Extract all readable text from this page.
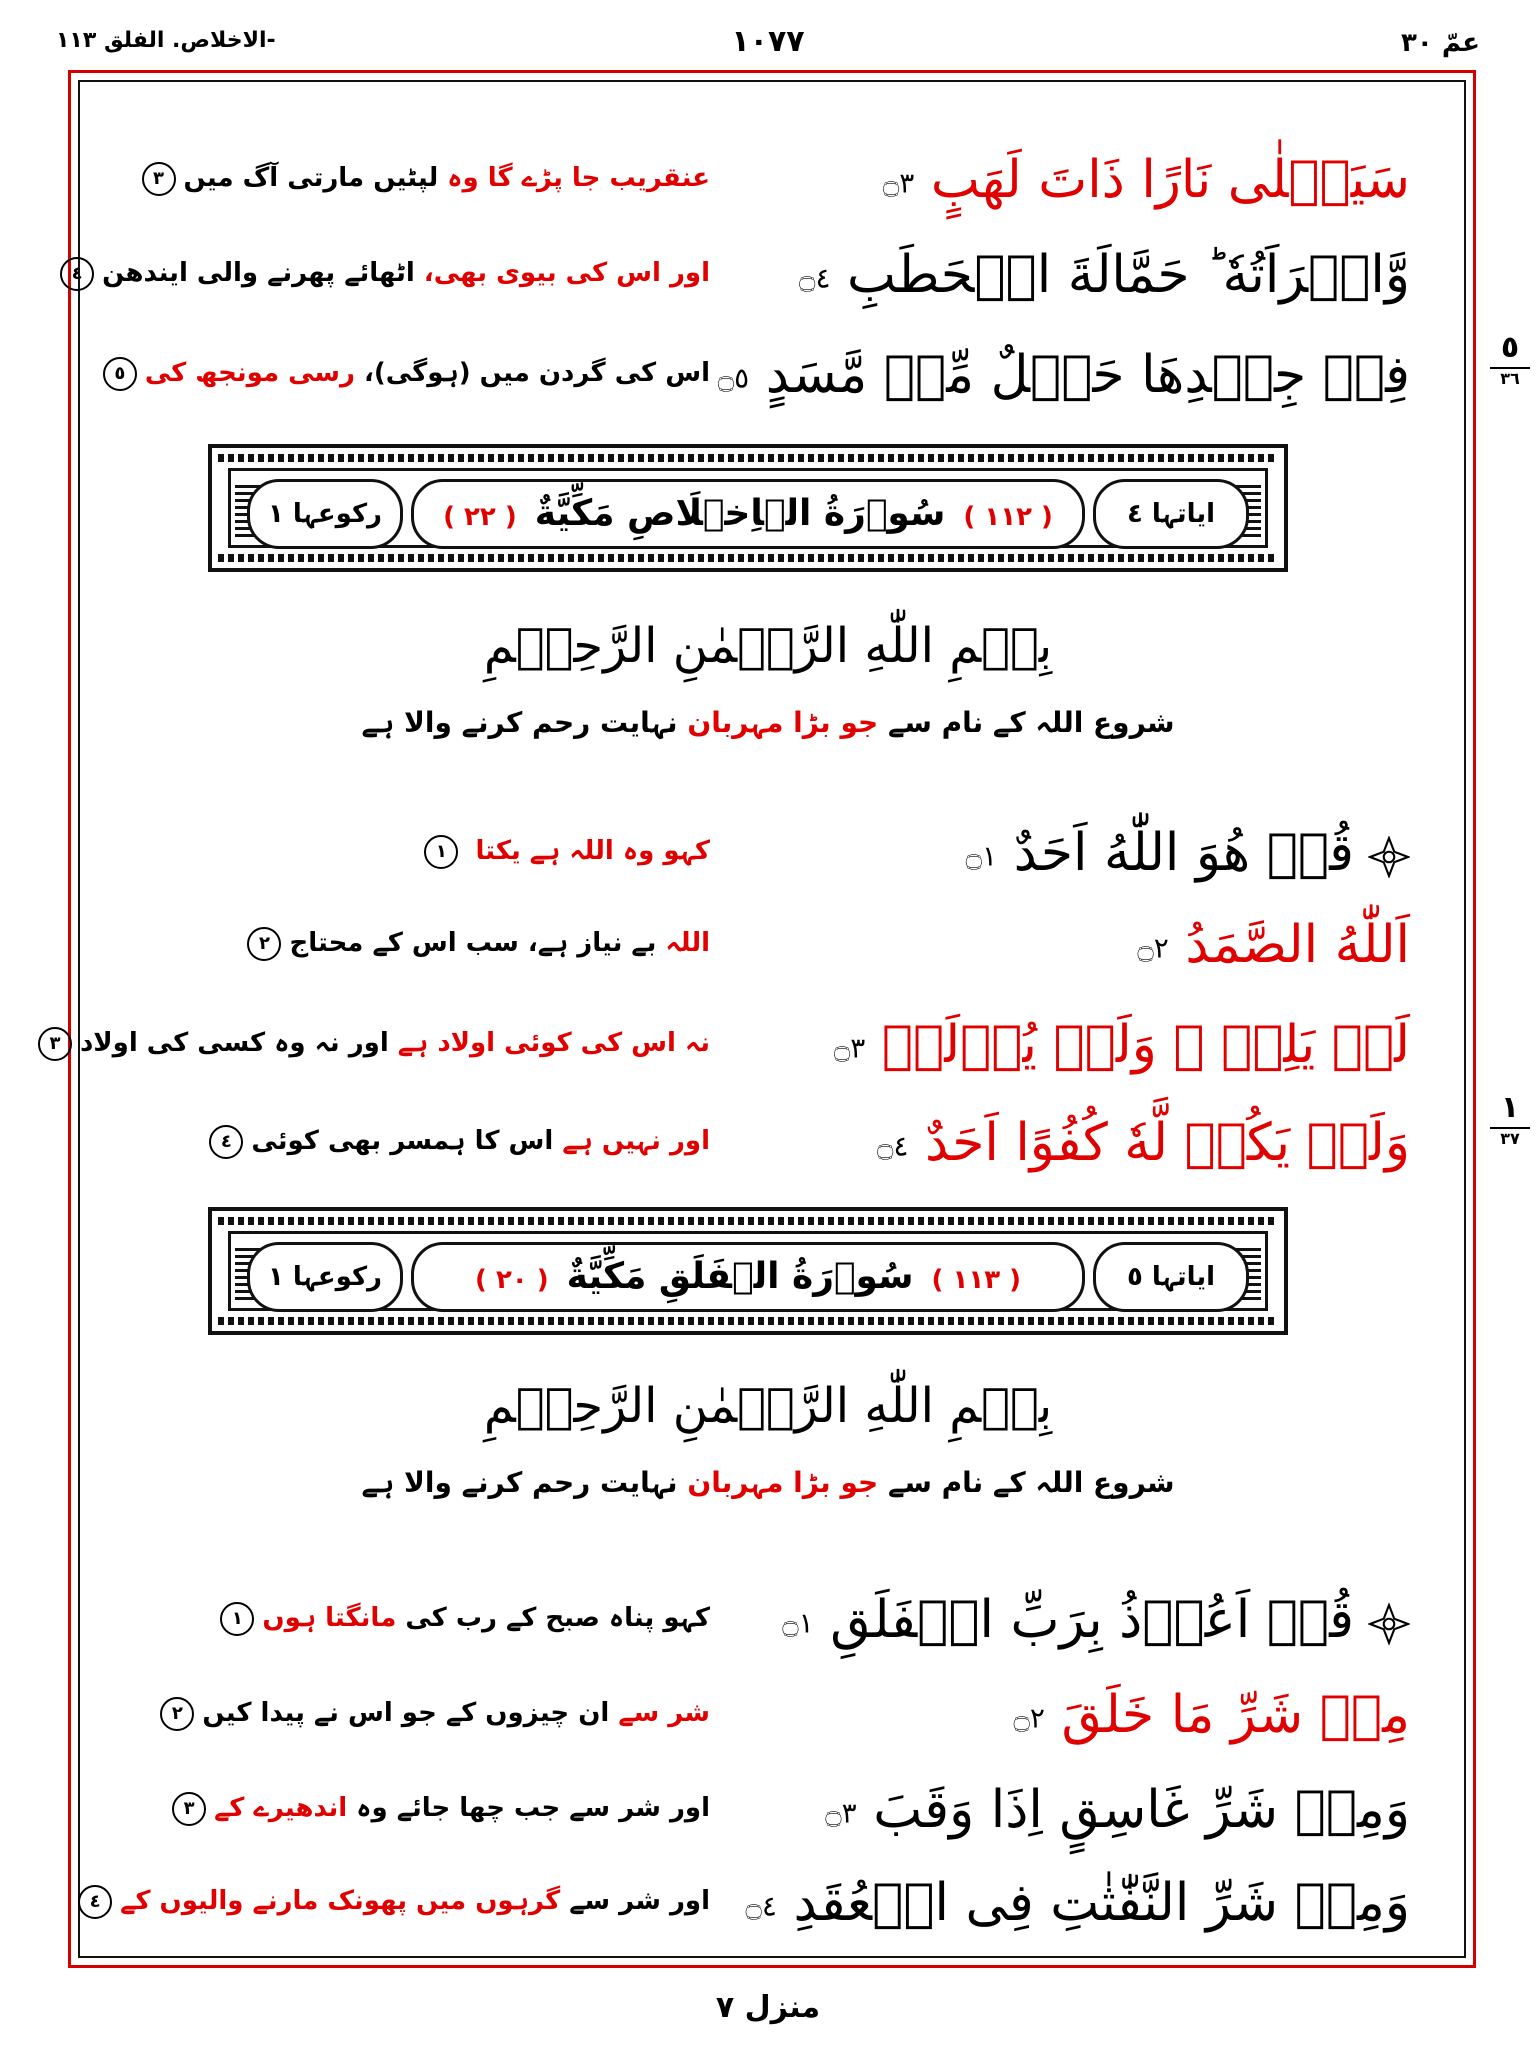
-الاخلاص. الفلق ١١٣	١٠٧٧	عمّ ٣٠
٥
٣٦
١
٣٧
سَيَصۡلٰى نَارًا ذَاتَ لَهَبٍ ۝٣
عنقریب جا پڑے گا وہ لپٹیں مارتی آگ میں٣
وَّامۡرَاَتُهٗ ؕ حَمَّالَةَ الۡحَطَبِ ۝٤
اور اس کی بیوی بھی، اٹھائے پھرنے والی ایندھن٤
فِىۡ جِيۡدِهَا حَبۡلٌ مِّنۡ مَّسَدٍ ۝٥
اس کی گردن میں (ہوگی)، رسی مونجھ کی٥
رکوعہا ١	( ١١٢ )سُوۡرَةُ الۡاِخۡلَاصِ مَكِّيَّةٌ( ٢٢ )	ایاتہا ٤
بِسۡمِ اللّٰهِ الرَّحۡمٰنِ الرَّحِيۡمِ
شروع اللہ کے نام سے جو بڑا مہربان نہایت رحم کرنے والا ہے
قُلۡ هُوَ اللّٰهُ اَحَدٌ ۝١
کہو وہ اللہ ہے یکتا ١
اَللّٰهُ الصَّمَدُ ۝٢
اللہ بے نیاز ہے، سب اس کے محتاج٢
لَمۡ يَلِدۡ ۙ وَلَمۡ يُوۡلَدۡ ۝٣
نہ اس کی کوئی اولاد ہے اور نہ وہ کسی کی اولاد٣
وَلَمۡ يَكُنۡ لَّهٗ كُفُوًا اَحَدٌ ۝٤
اور نہیں ہے اس کا ہمسر بھی کوئی٤
رکوعہا ١	( ١١٣ )سُوۡرَةُ الۡفَلَقِ مَكِّيَّةٌ( ٢٠ )	ایاتہا ٥
بِسۡمِ اللّٰهِ الرَّحۡمٰنِ الرَّحِيۡمِ
شروع اللہ کے نام سے جو بڑا مہربان نہایت رحم کرنے والا ہے
قُلۡ اَعُوۡذُ بِرَبِّ الۡفَلَقِ ۝١
کہو پناہ صبح کے رب کی مانگتا ہوں١
مِنۡ شَرِّ مَا خَلَقَ ۝٢
شر سے ان چیزوں کے جو اس نے پیدا کیں٢
وَمِنۡ شَرِّ غَاسِقٍ اِذَا وَقَبَ ۝٣
اور شر سے جب چھا جائے وہ اندھیرے کے٣
وَمِنۡ شَرِّ النَّفّٰثٰتِ فِى الۡعُقَدِ ۝٤
اور شر سے گرہوں میں پھونک مارنے والیوں کے٤
منزل ٧
